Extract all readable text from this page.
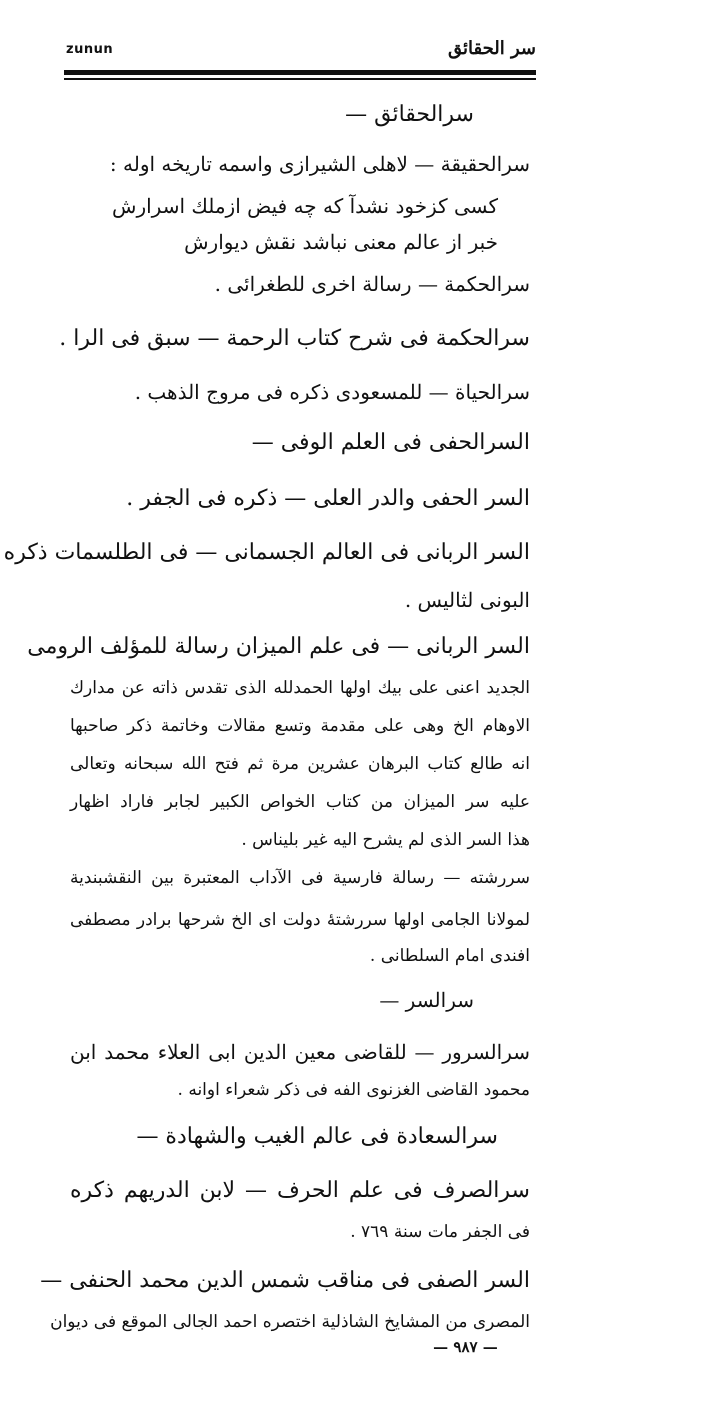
zunun	سر الحقائق
سرالحقائق —
سرالحقيقة — لاهلى الشيرازى واسمه تاريخه اوله :
كسى كزخود نشدآ كه چه فيض ازملك اسرارش
خبر از عالم معنى نباشد نقش ديوارش
سرالحكمة — رسالة اخرى للطغرائى .
سرالحكمة فى شرح كتاب الرحمة — سبق فى الرا .
سرالحياة — للمسعودى ذكره فى مروج الذهب .
السرالحفى فى العلم الوفى —
السر الحفى والدر العلى — ذكره فى الجفر .
السر الربانى فى العالم الجسمانى — فى الطلسمات ذكره
البونى لثاليس .
السر الربانى — فى علم الميزان رسالة للمؤلف الرومى
الجديد اعنى على بيك اولها الحمدلله الذى تقدس ذاته عن مدارك
الاوهام الخ وهى على مقدمة وتسع مقالات وخاتمة ذكر صاحبها
انه طالع كتاب البرهان عشرين مرة ثم فتح الله سبحانه وتعالى
عليه سر الميزان من كتاب الخواص الكبير لجابر فاراد اظهار
هذا السر الذى لم يشرح اليه غير بليناس .
سررشته — رسالة فارسية فى الآداب المعتبرة بين النقشبندية
لمولانا الجامى اولها سررشتهٔ دولت اى الخ شرحها برادر مصطفى
افندى امام السلطانى .
سرالسر —
سرالسرور — للقاضى معين الدين ابى العلاء محمد ابن
محمود القاضى الغزنوى الفه فى ذكر شعراء اوانه .
سرالسعادة فى عالم الغيب والشهادة —
سرالصرف فى علم الحرف — لابن الدريهم ذكره
فى الجفر مات سنة ٧٦٩ .
السر الصفى فى مناقب شمس الدين محمد الحنفى —
المصرى من المشايخ الشاذلية اختصره احمد الجالى الموقع فى ديوان
— ٩٨٧ —
